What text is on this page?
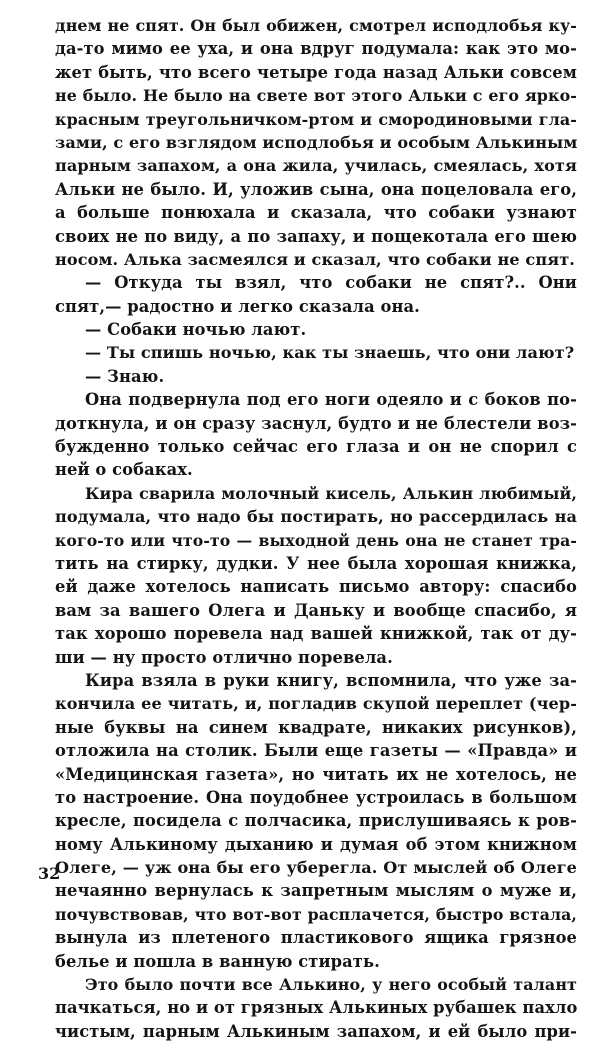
днем не спят. Он был обижен, смотрел исподлобья ку-
да-то мимо ее уха, и она вдруг подумала: как это мо-
жет быть, что всего четыре года назад Альки совсем
не было. Не было на свете вот этого Альки с его ярко-
красным треугольничком-ртом и смородиновыми гла-
зами, с его взглядом исподлобья и особым Алькиным
парным запахом, а она жила, училась, смеялась, хотя
Альки не было. И, уложив сына, она поцеловала его,
а больше понюхала и сказала, что собаки узнают
своих не по виду, а по запаху, и пощекотала его шею
носом. Алька засмеялся и сказал, что собаки не спят.
— Откуда ты взял, что собаки не спят?.. Они
спят,— радостно и легко сказала она.
— Собаки ночью лают.
— Ты спишь ночью, как ты знаешь, что они лают?
— Знаю.
Она подвернула под его ноги одеяло и с боков по-
доткнула, и он сразу заснул, будто и не блестели воз-
бужденно только сейчас его глаза и он не спорил с
ней о собаках.
Кира сварила молочный кисель, Алькин любимый,
подумала, что надо бы постирать, но рассердилась на
кого-то или что-то — выходной день она не станет тра-
тить на стирку, дудки. У нее была хорошая книжка,
ей даже хотелось написать письмо автору: спасибо
вам за вашего Олега и Даньку и вообще спасибо, я
так хорошо поревела над вашей книжкой, так от ду-
ши — ну просто отлично поревела.
Кира взяла в руки книгу, вспомнила, что уже за-
кончила ее читать, и, погладив скупой переплет (чер-
ные буквы на синем квадрате, никаких рисунков),
отложила на столик. Были еще газеты — «Правда» и
«Медицинская газета», но читать их не хотелось, не
то настроение. Она поудобнее устроилась в большом
кресле, посидела с полчасика, прислушиваясь к ров-
ному Алькиному дыханию и думая об этом книжном
Олеге, — уж она бы его уберегла. От мыслей об Олеге
нечаянно вернулась к запретным мыслям о муже и,
почувствовав, что вот-вот расплачется, быстро встала,
вынула из плетеного пластикового ящика грязное
белье и пошла в ванную стирать.
Это было почти все Алькино, у него особый талант
пачкаться, но и от грязных Алькиных рубашек пахло
чистым, парным Алькиным запахом, и ей было при-
32
